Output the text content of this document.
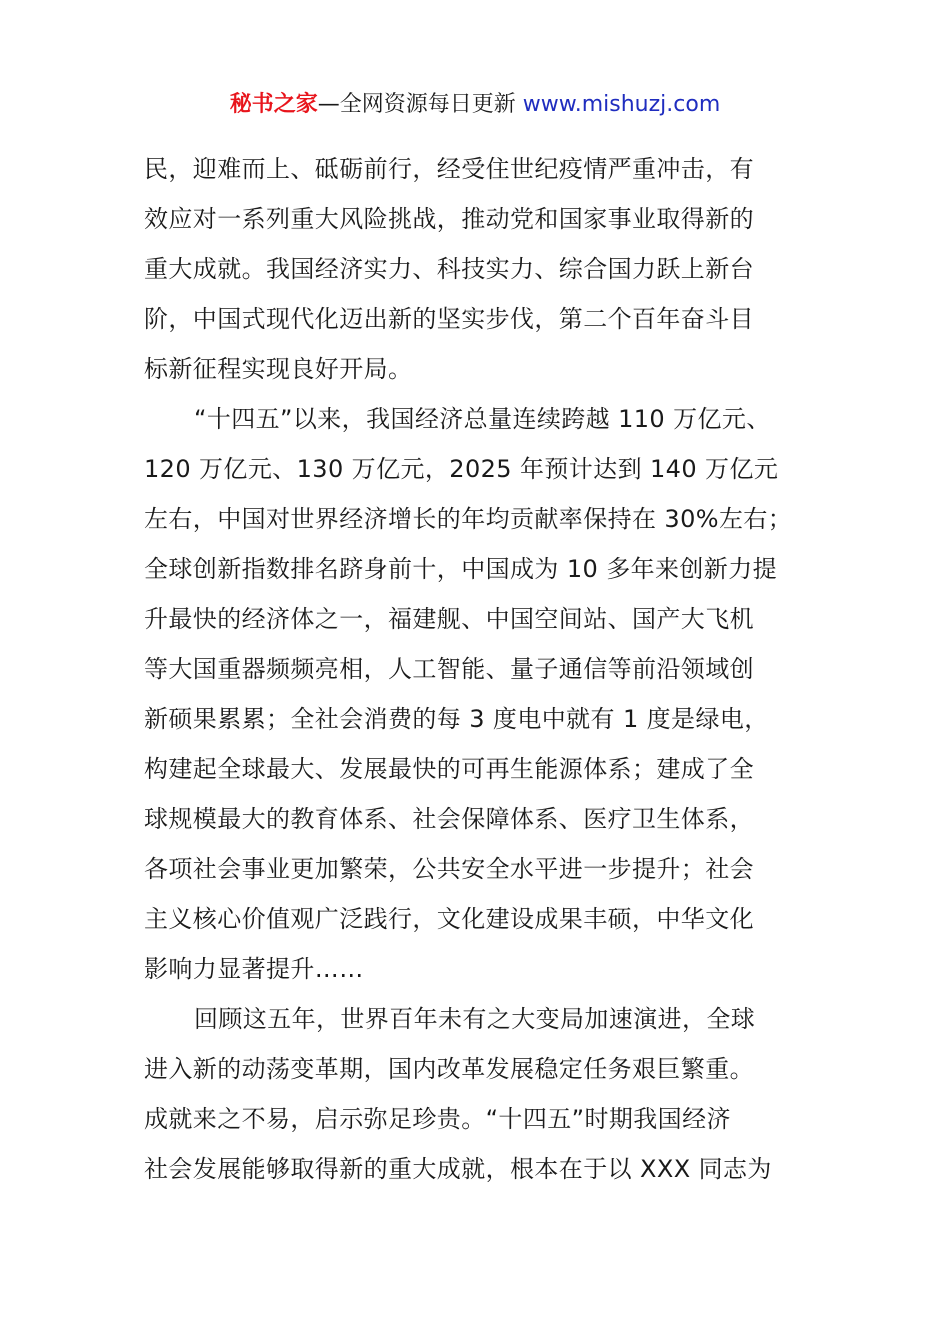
秘书之家—全网资源每日更新 www.mishuzj.com

民，迎难而上、砥砺前行，经受住世纪疫情严重冲击，有
效应对一系列重大风险挑战，推动党和国家事业取得新的
重大成就。我国经济实力、科技实力、综合国力跃上新台
阶，中国式现代化迈出新的坚实步伐，第二个百年奋斗目
标新征程实现良好开局。

“十四五”以来，我国经济总量连续跨越 110 万亿元、
120 万亿元、130 万亿元，2025 年预计达到 140 万亿元
左右，中国对世界经济增长的年均贡献率保持在 30%左右；
全球创新指数排名跻身前十，中国成为 10 多年来创新力提
升最快的经济体之一，福建舰、中国空间站、国产大飞机
等大国重器频频亮相，人工智能、量子通信等前沿领域创
新硕果累累；全社会消费的每 3 度电中就有 1 度是绿电，
构建起全球最大、发展最快的可再生能源体系；建成了全
球规模最大的教育体系、社会保障体系、医疗卫生体系，
各项社会事业更加繁荣，公共安全水平进一步提升；社会
主义核心价值观广泛践行，文化建设成果丰硕，中华文化
影响力显著提升……

回顾这五年，世界百年未有之大变局加速演进，全球
进入新的动荡变革期，国内改革发展稳定任务艰巨繁重。
成就来之不易，启示弥足珍贵。“十四五”时期我国经济
社会发展能够取得新的重大成就，根本在于以 XXX 同志为
